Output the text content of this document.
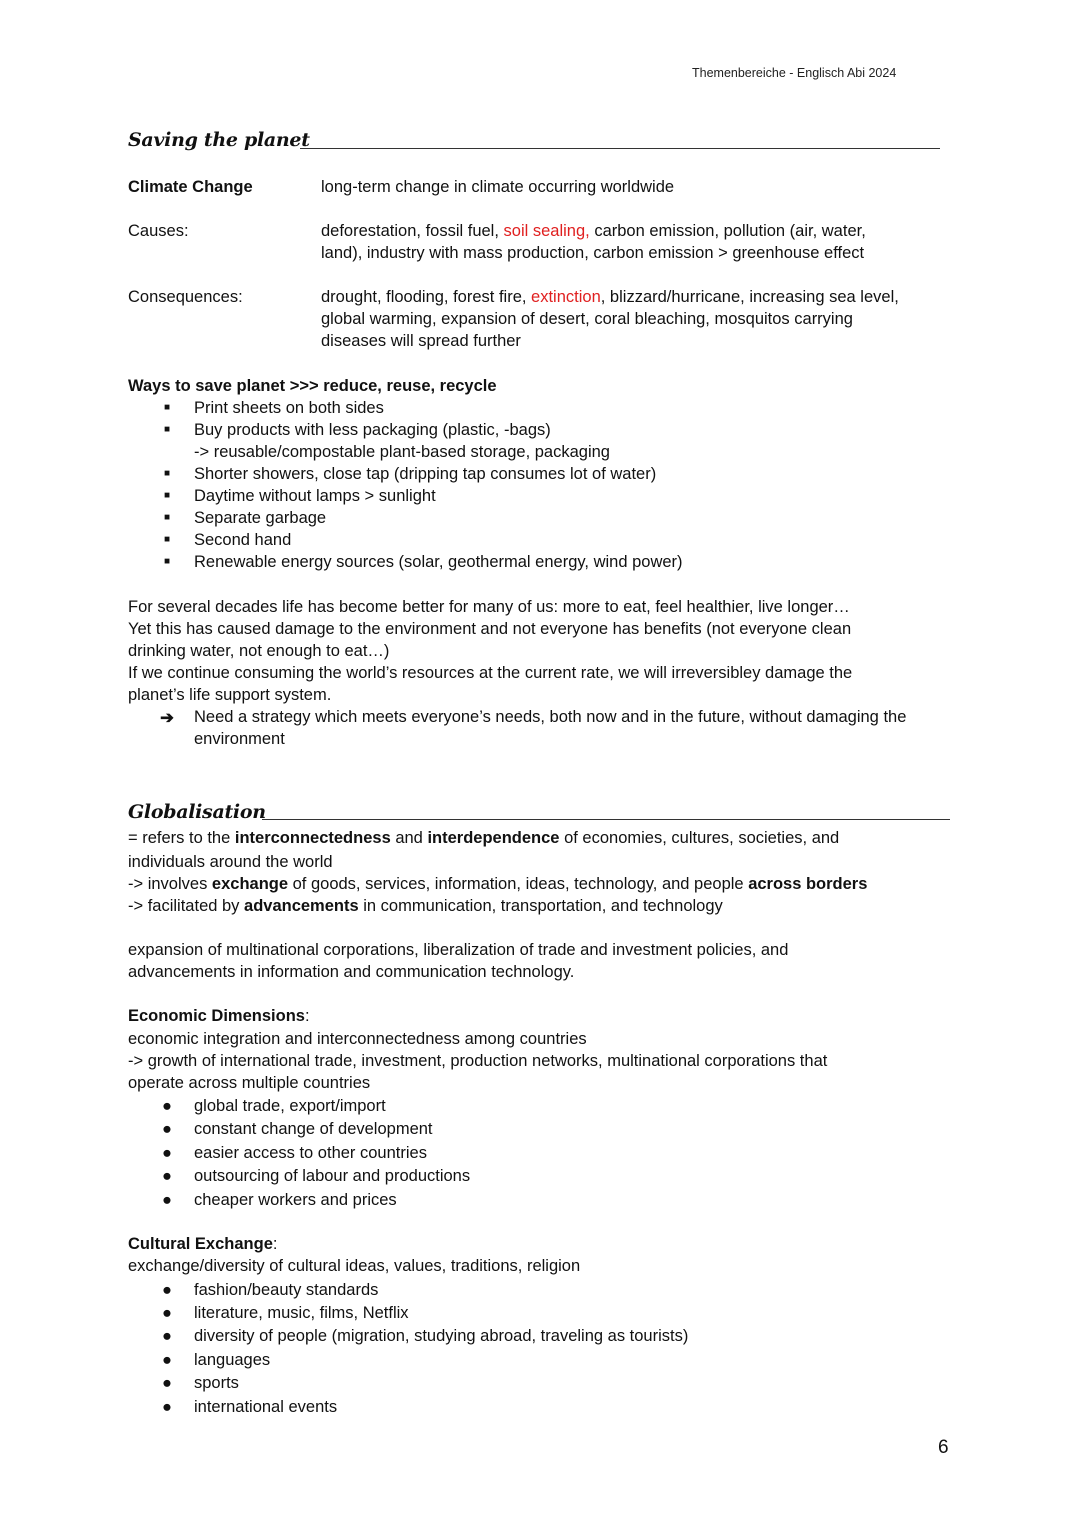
Themenbereiche - Englisch Abi 2024
Saving the planet
Climate Change	long-term change in climate occurring worldwide
Causes:	deforestation, fossil fuel, soil sealing, carbon emission, pollution (air, water,
land), industry with mass production, carbon emission > greenhouse effect
Consequences:	drought, flooding, forest fire, extinction, blizzard/hurricane, increasing sea level,
global warming, expansion of desert, coral bleaching, mosquitos carrying
diseases will spread further
Ways to save planet >>> reduce, reuse, recycle
■ Print sheets on both sides
■ Buy products with less packaging (plastic, -bags)
-> reusable/compostable plant-based storage, packaging
■ Shorter showers, close tap (dripping tap consumes lot of water)
■ Daytime without lamps > sunlight
■ Separate garbage
■ Second hand
■ Renewable energy sources (solar, geothermal energy, wind power)
For several decades life has become better for many of us: more to eat, feel healthier, live longer…
Yet this has caused damage to the environment and not everyone has benefits (not everyone clean
drinking water, not enough to eat…)
If we continue consuming the world’s resources at the current rate, we will irreversibley damage the
planet’s life support system.
➔ Need a strategy which meets everyone’s needs, both now and in the future, without damaging the
environment
Globalisation
= refers to the interconnectedness and interdependence of economies, cultures, societies, and
individuals around the world
-> involves exchange of goods, services, information, ideas, technology, and people across borders
-> facilitated by advancements in communication, transportation, and technology
expansion of multinational corporations, liberalization of trade and investment policies, and
advancements in information and communication technology.
Economic Dimensions:
economic integration and interconnectedness among countries
-> growth of international trade, investment, production networks, multinational corporations that
operate across multiple countries
● global trade, export/import
● constant change of development
● easier access to other countries
● outsourcing of labour and productions
● cheaper workers and prices
Cultural Exchange:
exchange/diversity of cultural ideas, values, traditions, religion
● fashion/beauty standards
● literature, music, films, Netflix
● diversity of people (migration, studying abroad, traveling as tourists)
● languages
● sports
● international events
6
